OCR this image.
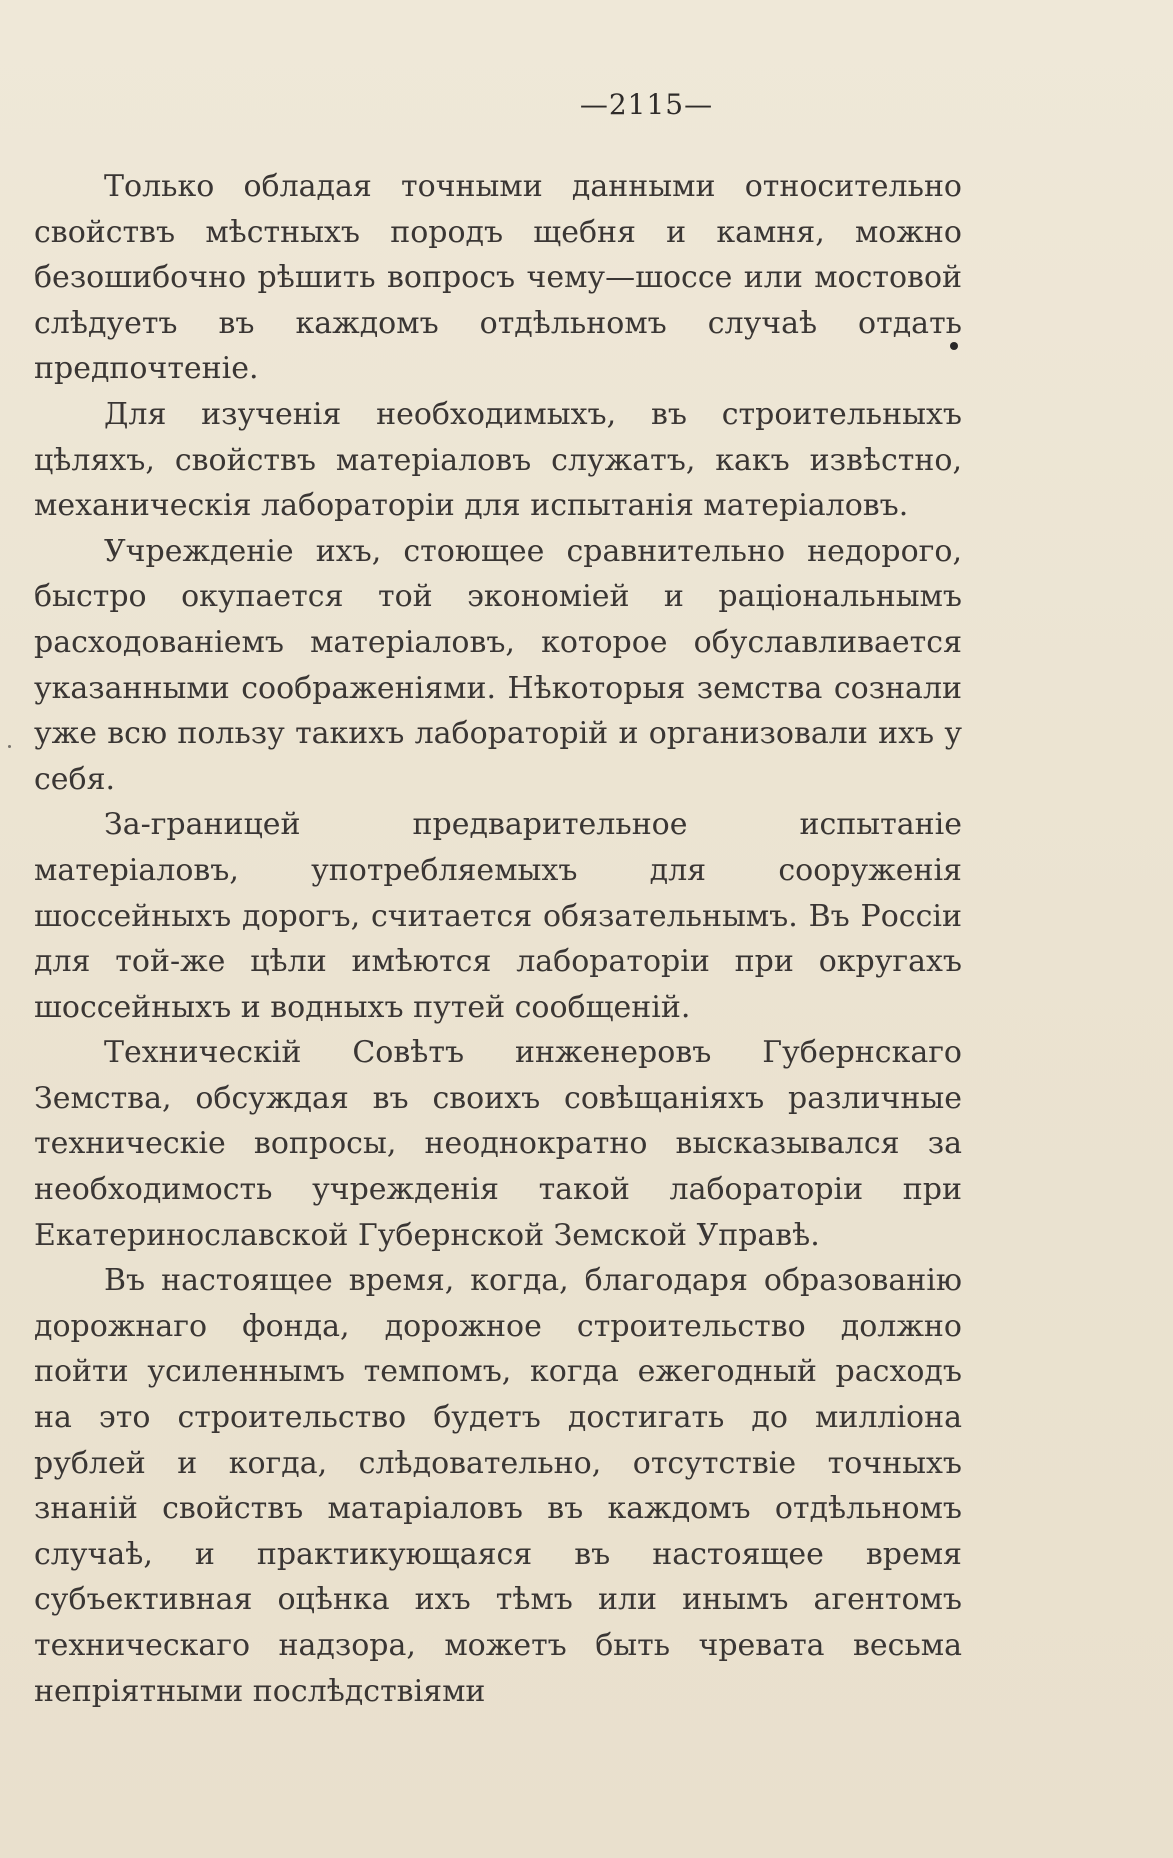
—2115—

Только обладая точными данными относительно свойствъ мѣстныхъ породъ щебня и камня, можно безошибочно рѣшить вопросъ чему—шоссе или мостовой слѣдуетъ въ каждомъ отдѣльномъ случаѣ отдать предпочтеніе.

Для изученія необходимыхъ, въ строительныхъ цѣляхъ, свойствъ матеріаловъ служатъ, какъ извѣстно, механическія лабораторіи для испытанія матеріаловъ.

Учрежденіе ихъ, стоющее сравнительно недорого, быстро окупается той экономіей и раціональнымъ расходованіемъ матеріаловъ, которое обуславливается указанными соображеніями. Нѣкоторыя земства сознали уже всю пользу такихъ лабораторій и организовали ихъ у себя.

За-границей предварительное испытаніе матеріаловъ, употребляемыхъ для сооруженія шоссейныхъ дорогъ, считается обязательнымъ. Въ Россіи для той-же цѣли имѣются лабораторіи при округахъ шоссейныхъ и водныхъ путей сообщеній.

Техническій Совѣтъ инженеровъ Губернскаго Земства, обсуждая въ своихъ совѣщаніяхъ различные техническіе вопросы, неоднократно высказывался за необходимость учрежденія такой лабораторіи при Екатеринославской Губернской Земской Управѣ.

Въ настоящее время, когда, благодаря образованію дорожнаго фонда, дорожное строительство должно пойти усиленнымъ темпомъ, когда ежегодный расходъ на это строительство будетъ достигать до милліона рублей и когда, слѣдовательно, отсутствіе точныхъ знаній свойствъ матаріаловъ въ каждомъ отдѣльномъ случаѣ, и практикующаяся въ настоящее время субъективная оцѣнка ихъ тѣмъ или инымъ агентомъ техническаго надзора, можетъ быть чревата весьма непріятными послѣдствіями
